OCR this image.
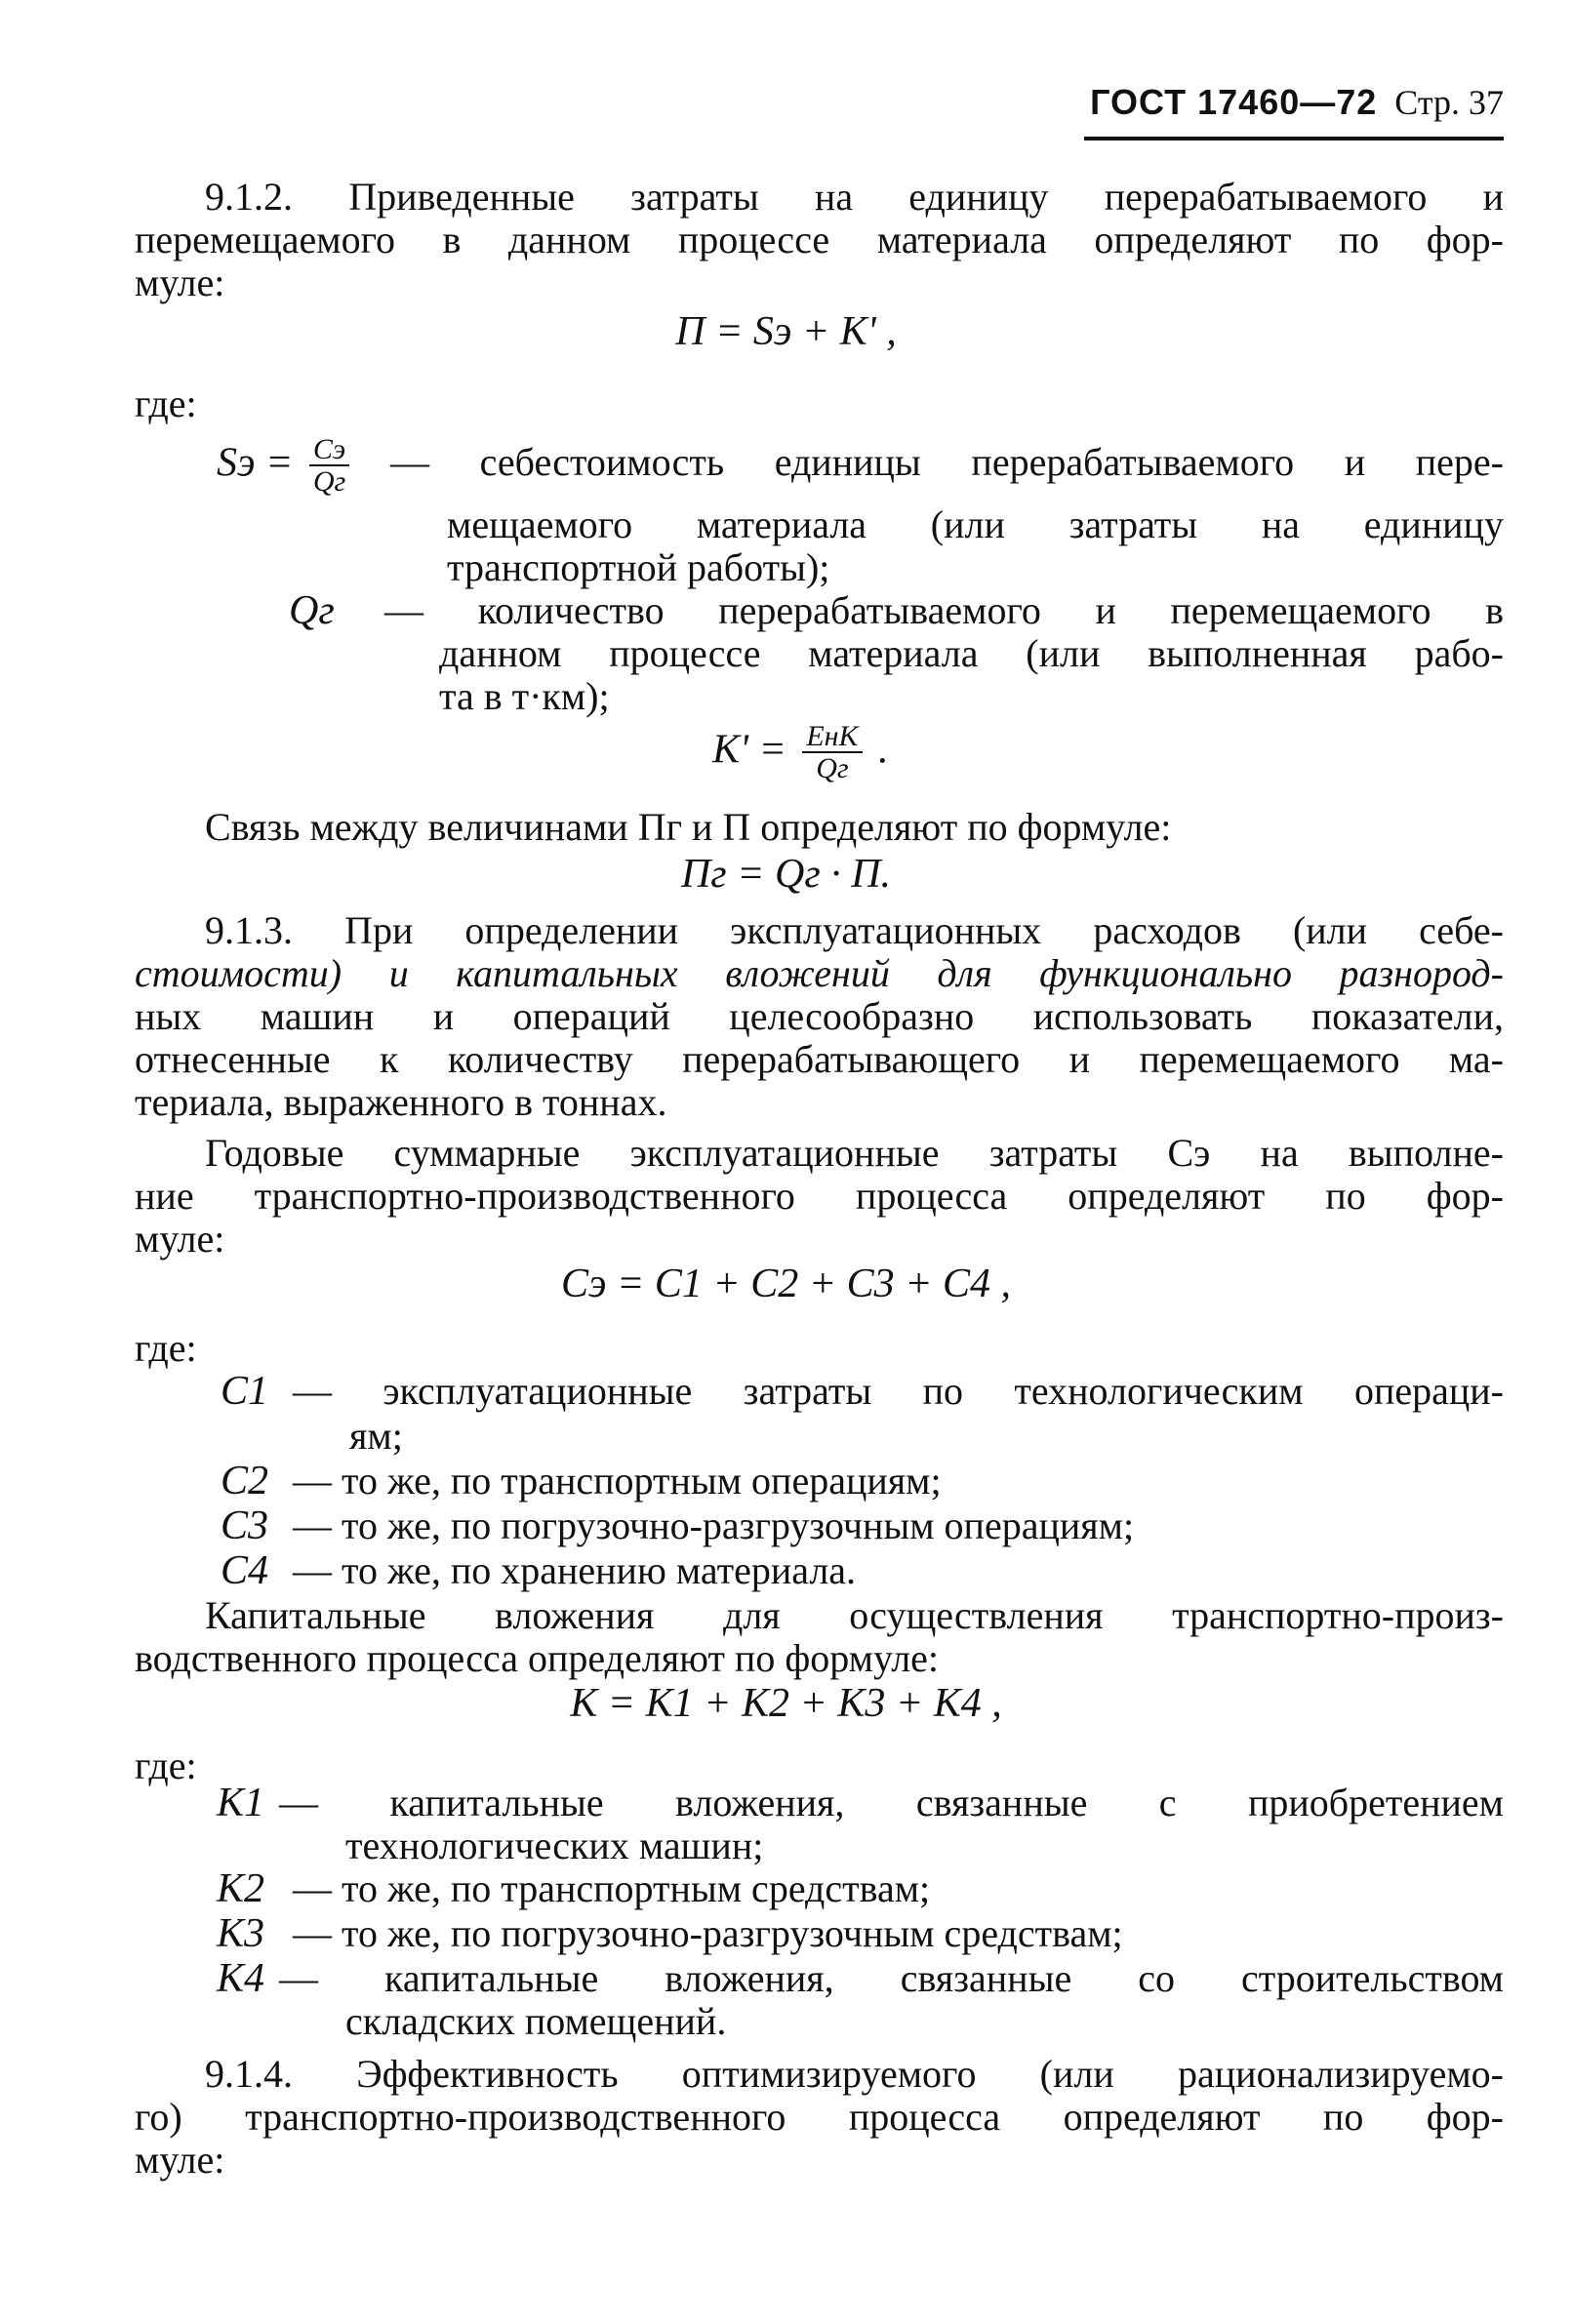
ГОСТ 17460—72 Стр. 37

9.1.2. Приведенные затраты на единицу перерабатываемого и

перемещаемого в данном процессе материала определяют по фор-

муле:

П = Sэ + K' ,

где:

Sэ = $\frac{Cэ}{Qг}$ — себестоимость единицы перерабатываемого и пере-

мещаемого материала (или затраты на единицу

транспортной работы);

Qг — количество перерабатываемого и перемещаемого в

данном процессе материала (или выполненная рабо-

та в т·км);

$K' = \frac{\text{EнK}}{Qг}$ .

Связь между величинами Пг и П определяют по формуле:

Пг = Qг · П.

9.1.3. При определении эксплуатационных расходов (или себе-

стоимости) и капитальных вложений для функционально разнород-

ных машин и операций целесообразно использовать показатели,

отнесенные к количеству перерабатывающего и перемещаемого ма-

териала, выраженного в тоннах.

Годовые суммарные эксплуатационные затраты Cэ на выполне-

ние транспортно-производственного процесса определяют по фор-

муле:

Cэ = C1 + C2 + C3 + C4 ,

где:

C1 — эксплуатационные затраты по технологическим операци-

ям;

C2 — то же, по транспортным операциям;

C3 — то же, по погрузочно-разгрузочным операциям;

C4 — то же, по хранению материала.

Капитальные вложения для осуществления транспортно-произ-

водственного процесса определяют по формуле:

K = K1 + K2 + K3 + K4 ,

где:

K1 — капитальные вложения, связанные с приобретением

технологических машин;

K2 — то же, по транспортным средствам;

K3 — то же, по погрузочно-разгрузочным средствам;

K4 — капитальные вложения, связанные со строительством

складских помещений.

9.1.4. Эффективность оптимизируемого (или рационализируемо-

го) транспортно-производственного процесса определяют по фор-

муле:
